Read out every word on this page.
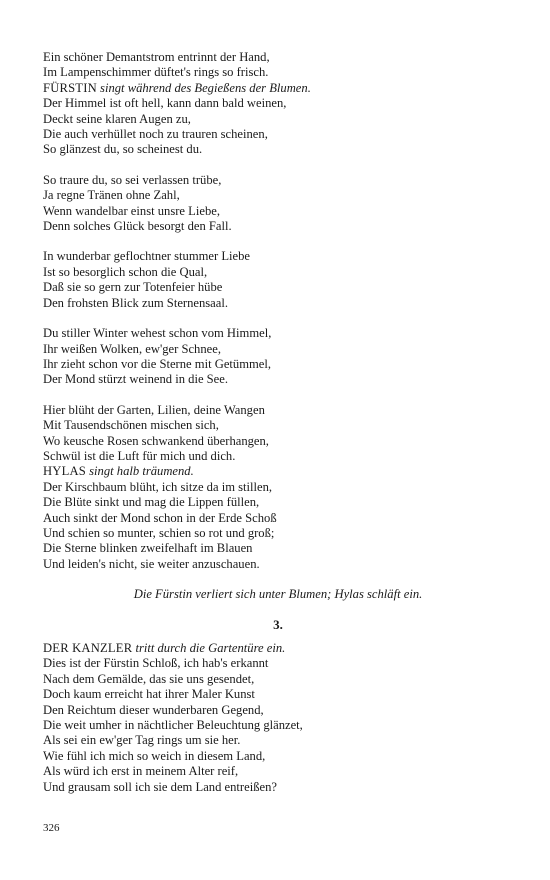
Ein schöner Demantstrom entrinnt der Hand,
Im Lampenschimmer düftet's rings so frisch.
FÜRSTIN singt während des Begießens der Blumen.
Der Himmel ist oft hell, kann dann bald weinen,
Deckt seine klaren Augen zu,
Die auch verhüllet noch zu trauren scheinen,
So glänzest du, so scheinest du.
So traure du, so sei verlassen trübe,
Ja regne Tränen ohne Zahl,
Wenn wandelbar einst unsre Liebe,
Denn solches Glück besorgt den Fall.
In wunderbar geflochtner stummer Liebe
Ist so besorglich schon die Qual,
Daß sie so gern zur Totenfeier hübe
Den frohsten Blick zum Sternensaal.
Du stiller Winter wehest schon vom Himmel,
Ihr weißen Wolken, ew'ger Schnee,
Ihr zieht schon vor die Sterne mit Getümmel,
Der Mond stürzt weinend in die See.
Hier blüht der Garten, Lilien, deine Wangen
Mit Tausendschönen mischen sich,
Wo keusche Rosen schwankend überhangen,
Schwül ist die Luft für mich und dich.
HYLAS singt halb träumend.
Der Kirschbaum blüht, ich sitze da im stillen,
Die Blüte sinkt und mag die Lippen füllen,
Auch sinkt der Mond schon in der Erde Schoß
Und schien so munter, schien so rot und groß;
Die Sterne blinken zweifelhaft im Blauen
Und leiden's nicht, sie weiter anzuschauen.
Die Fürstin verliert sich unter Blumen; Hylas schläft ein.
3.
DER KANZLER tritt durch die Gartentüre ein.
Dies ist der Fürstin Schloß, ich hab's erkannt
Nach dem Gemälde, das sie uns gesendet,
Doch kaum erreicht hat ihrer Maler Kunst
Den Reichtum dieser wunderbaren Gegend,
Die weit umher in nächtlicher Beleuchtung glänzet,
Als sei ein ew'ger Tag rings um sie her.
Wie fühl ich mich so weich in diesem Land,
Als würd ich erst in meinem Alter reif,
Und grausam soll ich sie dem Land entreißen?
326
